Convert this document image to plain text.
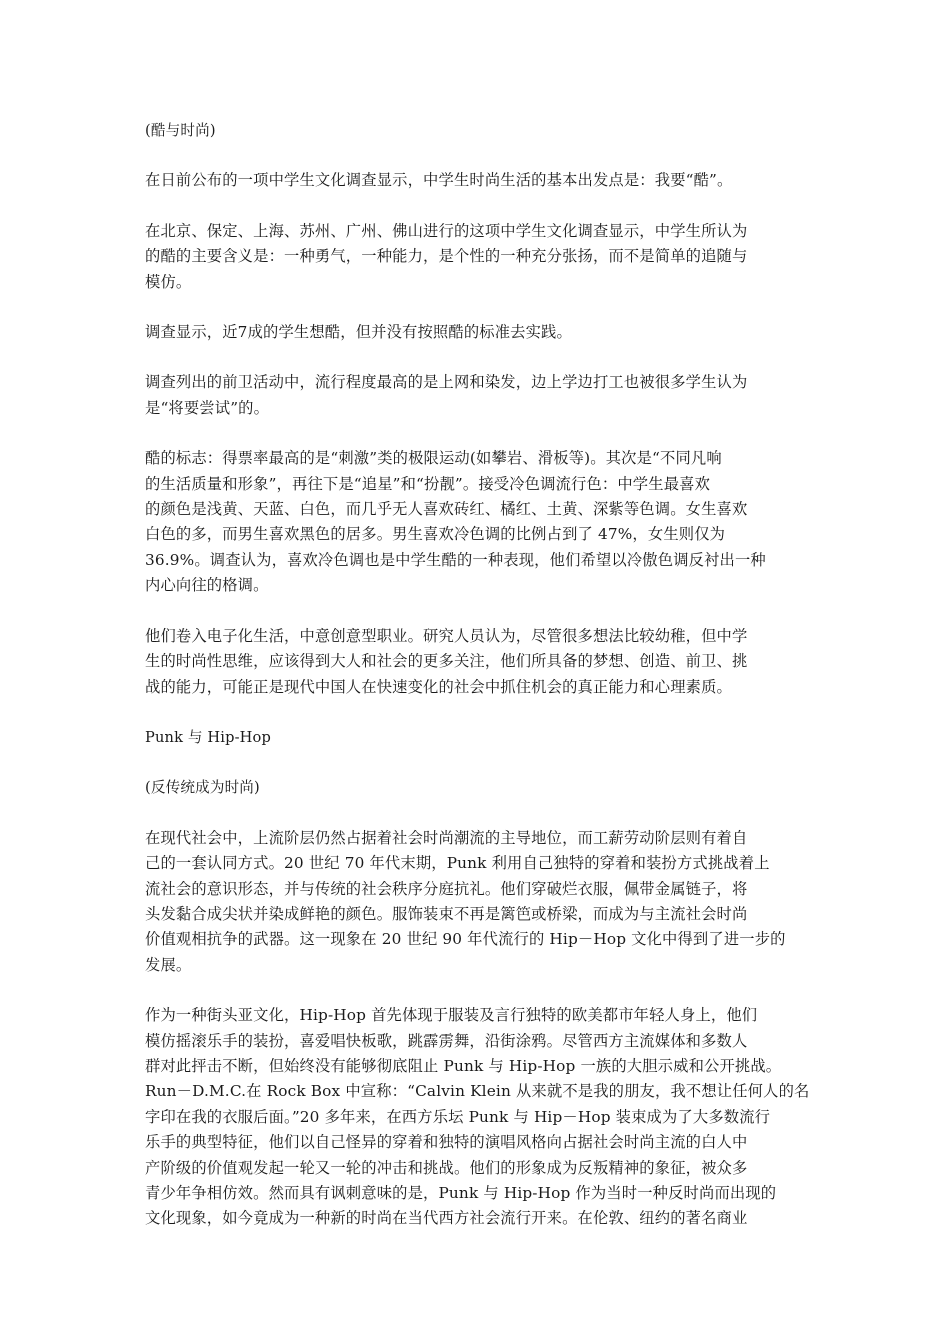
(酷与时尚)

在日前公布的一项中学生文化调查显示，中学生时尚生活的基本出发点是：我要“酷”。

在北京、保定、上海、苏州、广州、佛山进行的这项中学生文化调查显示，中学生所认为
的酷的主要含义是：一种勇气，一种能力，是个性的一种充分张扬，而不是简单的追随与
模仿。

调查显示，近7成的学生想酷，但并没有按照酷的标准去实践。

调查列出的前卫活动中，流行程度最高的是上网和染发，边上学边打工也被很多学生认为
是“将要尝试”的。

酷的标志：得票率最高的是“刺激”类的极限运动(如攀岩、滑板等)。其次是“不同凡响
的生活质量和形象”，再往下是“追星”和“扮靓”。接受冷色调流行色：中学生最喜欢
的颜色是浅黄、天蓝、白色，而几乎无人喜欢砖红、橘红、土黄、深紫等色调。女生喜欢
白色的多，而男生喜欢黑色的居多。男生喜欢冷色调的比例占到了 47%，女生则仅为
36.9%。调查认为，喜欢冷色调也是中学生酷的一种表现，他们希望以冷傲色调反衬出一种
内心向往的格调。

他们卷入电子化生活，中意创意型职业。研究人员认为，尽管很多想法比较幼稚，但中学
生的时尚性思维，应该得到大人和社会的更多关注，他们所具备的梦想、创造、前卫、挑
战的能力，可能正是现代中国人在快速变化的社会中抓住机会的真正能力和心理素质。

Punk 与 Hip-Hop

(反传统成为时尚)

在现代社会中，上流阶层仍然占据着社会时尚潮流的主导地位，而工薪劳动阶层则有着自
己的一套认同方式。20 世纪 70 年代末期，Punk 利用自己独特的穿着和装扮方式挑战着上
流社会的意识形态，并与传统的社会秩序分庭抗礼。他们穿破烂衣服，佩带金属链子，将
头发黏合成尖状并染成鲜艳的颜色。服饰装束不再是篱笆或桥梁，而成为与主流社会时尚
价值观相抗争的武器。这一现象在 20 世纪 90 年代流行的 Hip－Hop 文化中得到了进一步的
发展。

作为一种街头亚文化，Hip-Hop 首先体现于服装及言行独特的欧美都市年轻人身上，他们
模仿摇滚乐手的装扮，喜爱唱快板歌，跳霹雳舞，沿街涂鸦。尽管西方主流媒体和多数人
群对此抨击不断，但始终没有能够彻底阻止 Punk 与 Hip-Hop 一族的大胆示威和公开挑战。
Run－D.M.C.在 Rock Box 中宣称：“Calvin Klein 从来就不是我的朋友，我不想让任何人的名
字印在我的衣服后面。”20 多年来，在西方乐坛 Punk 与 Hip－Hop 装束成为了大多数流行
乐手的典型特征，他们以自己怪异的穿着和独特的演唱风格向占据社会时尚主流的白人中
产阶级的价值观发起一轮又一轮的冲击和挑战。他们的形象成为反叛精神的象征，被众多
青少年争相仿效。然而具有讽刺意味的是，Punk 与 Hip-Hop 作为当时一种反时尚而出现的
文化现象，如今竟成为一种新的时尚在当代西方社会流行开来。在伦敦、纽约的著名商业
